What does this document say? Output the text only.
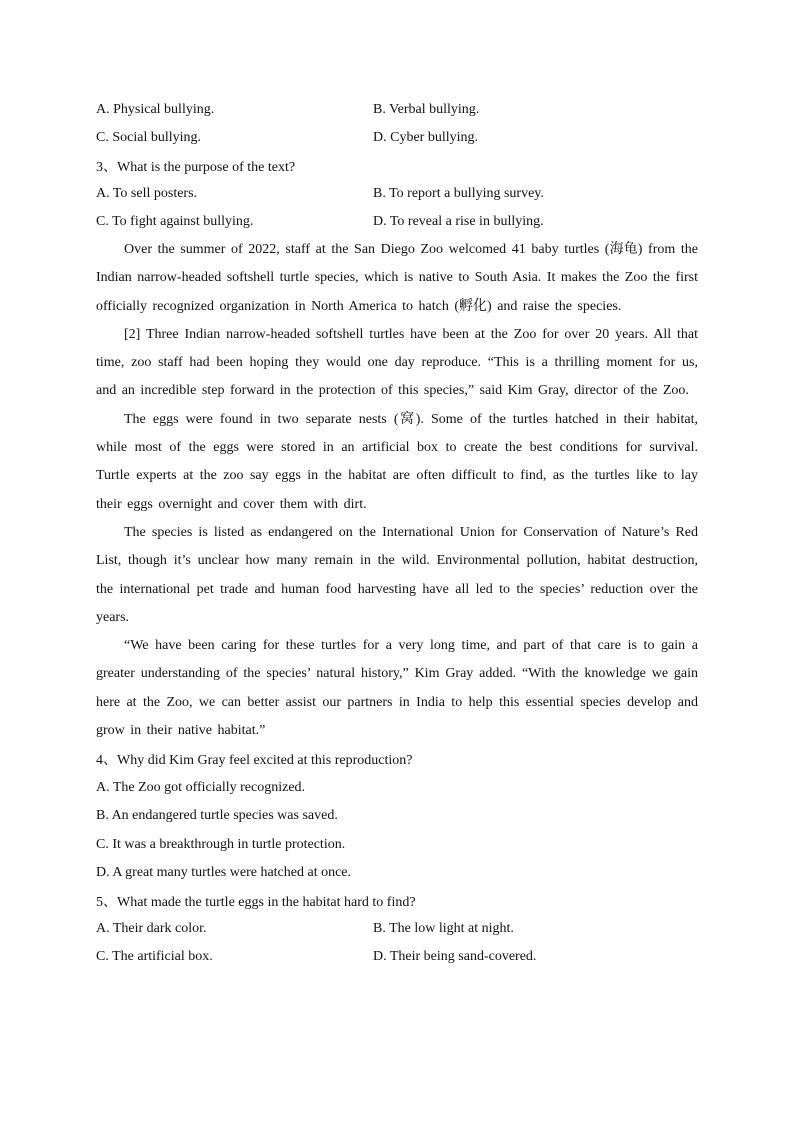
A. Physical bullying.	B. Verbal bullying.
C. Social bullying.	D. Cyber bullying.
3、What is the purpose of the text?
A. To sell posters.	B. To report a bullying survey.
C. To fight against bullying.	D. To reveal a rise in bullying.

Over the summer of 2022, staff at the San Diego Zoo welcomed 41 baby turtles (海龟) from the Indian narrow-headed softshell turtle species, which is native to South Asia. It makes the Zoo the first officially recognized organization in North America to hatch (孵化) and raise the species.

[2] Three Indian narrow-headed softshell turtles have been at the Zoo for over 20 years. All that time, zoo staff had been hoping they would one day reproduce. “This is a thrilling moment for us, and an incredible step forward in the protection of this species,” said Kim Gray, director of the Zoo.

The eggs were found in two separate nests (窝). Some of the turtles hatched in their habitat, while most of the eggs were stored in an artificial box to create the best conditions for survival. Turtle experts at the zoo say eggs in the habitat are often difficult to find, as the turtles like to lay their eggs overnight and cover them with dirt.

The species is listed as endangered on the International Union for Conservation of Nature’s Red List, though it’s unclear how many remain in the wild. Environmental pollution, habitat destruction, the international pet trade and human food harvesting have all led to the species’ reduction over the years.

“We have been caring for these turtles for a very long time, and part of that care is to gain a greater understanding of the species’ natural history,” Kim Gray added. “With the knowledge we gain here at the Zoo, we can better assist our partners in India to help this essential species develop and grow in their native habitat.”

4、Why did Kim Gray feel excited at this reproduction?
A. The Zoo got officially recognized.
B. An endangered turtle species was saved.
C. It was a breakthrough in turtle protection.
D. A great many turtles were hatched at once.
5、What made the turtle eggs in the habitat hard to find?
A. Their dark color.	B. The low light at night.
C. The artificial box.	D. Their being sand-covered.
